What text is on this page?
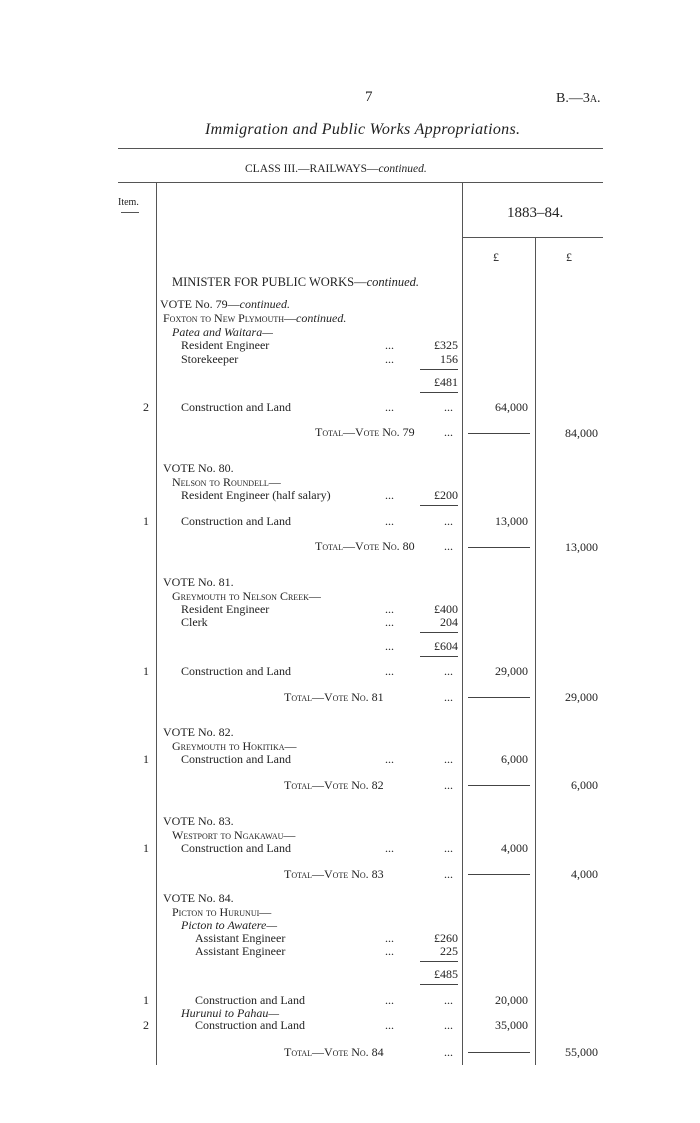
7	B.—3a.
Immigration and Public Works Appropriations.
CLASS III.—RAILWAYS—continued.
Item.
1883–84.
£	£
MINISTER FOR PUBLIC WORKS—continued.
VOTE No. 79—continued.
Foxton to New Plymouth—continued.
Patea and Waitara—
Resident Engineer	...	£325
Storekeeper	...	156
£481
2	Construction and Land	...	...	64,000
Total—Vote No. 79 ...	84,000
VOTE No. 80.
Nelson to Roundell—
Resident Engineer (half salary)	...	£200
1	Construction and Land	...	...	13,000
Total—Vote No. 80 ...	13,000
VOTE No. 81.
Greymouth to Nelson Creek—
Resident Engineer	...	£400
Clerk	...	204
...	£604
1	Construction and Land	...	...	29,000
Total—Vote No. 81	...	29,000
VOTE No. 82.
Greymouth to Hokitika—
1	Construction and Land	...	...	6,000
Total—Vote No. 82	...	6,000
VOTE No. 83.
Westport to Ngakawau—
1	Construction and Land	...	...	4,000
Total—Vote No. 83	...	4,000
VOTE No. 84.
Picton to Hurunui—
Picton to Awatere—
Assistant Engineer	...	£260
Assistant Engineer	...	225
£485
1	Construction and Land	...	...	20,000
Hurunui to Pahau—
2	Construction and Land	...	...	35,000
Total—Vote No. 84	...	55,000
